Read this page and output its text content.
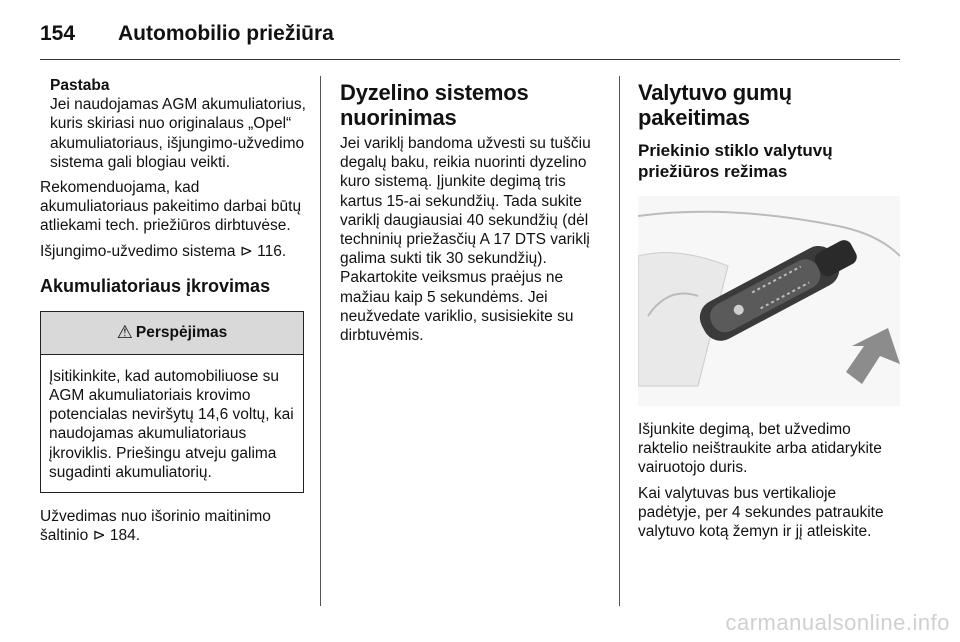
154 Automobilio priežiūra
Pastaba
Jei naudojamas AGM akumuliatorius, kuris skiriasi nuo originalaus „Opel“ akumuliatoriaus, išjungimo-užvedimo sistema gali blogiau veikti.

Rekomenduojama, kad akumuliatoriaus pakeitimo darbai būtų atliekami tech. priežiūros dirbtuvėse.

Išjungimo-užvedimo sistema ⊳ 116.

Akumuliatoriaus įkrovimas
⚠ Perspėjimas
Įsitikinkite, kad automobiliuose su AGM akumuliatoriais krovimo potencialas neviršytų 14,6 voltų, kai naudojamas akumuliatoriaus įkroviklis. Priešingu atveju galima sugadinti akumuliatorių.

Užvedimas nuo išorinio maitinimo šaltinio ⊳ 184.

Dyzelino sistemos nuorinimas

Jei variklį bandoma užvesti su tuščiu degalų baku, reikia nuorinti dyzelino kuro sistemą. Įjunkite degimą tris kartus 15-ai sekundžių. Tada sukite variklį daugiausiai 40 sekundžių (dėl techninių priežasčių A 17 DTS variklį galima sukti tik 30 sekundžių). Pakartokite veiksmus praėjus ne mažiau kaip 5 sekundėms. Jei neužvedate variklio, susisiekite su dirbtuvėmis.

Valytuvo gumų pakeitimas
Priekinio stiklo valytuvų priežiūros režimas

Išjunkite degimą, bet užvedimo raktelio neištraukite arba atidarykite vairuotojo duris.

Kai valytuvas bus vertikalioje padėtyje, per 4 sekundes patraukite valytuvo kotą žemyn ir jį atleiskite.

carmanualsonline.info
